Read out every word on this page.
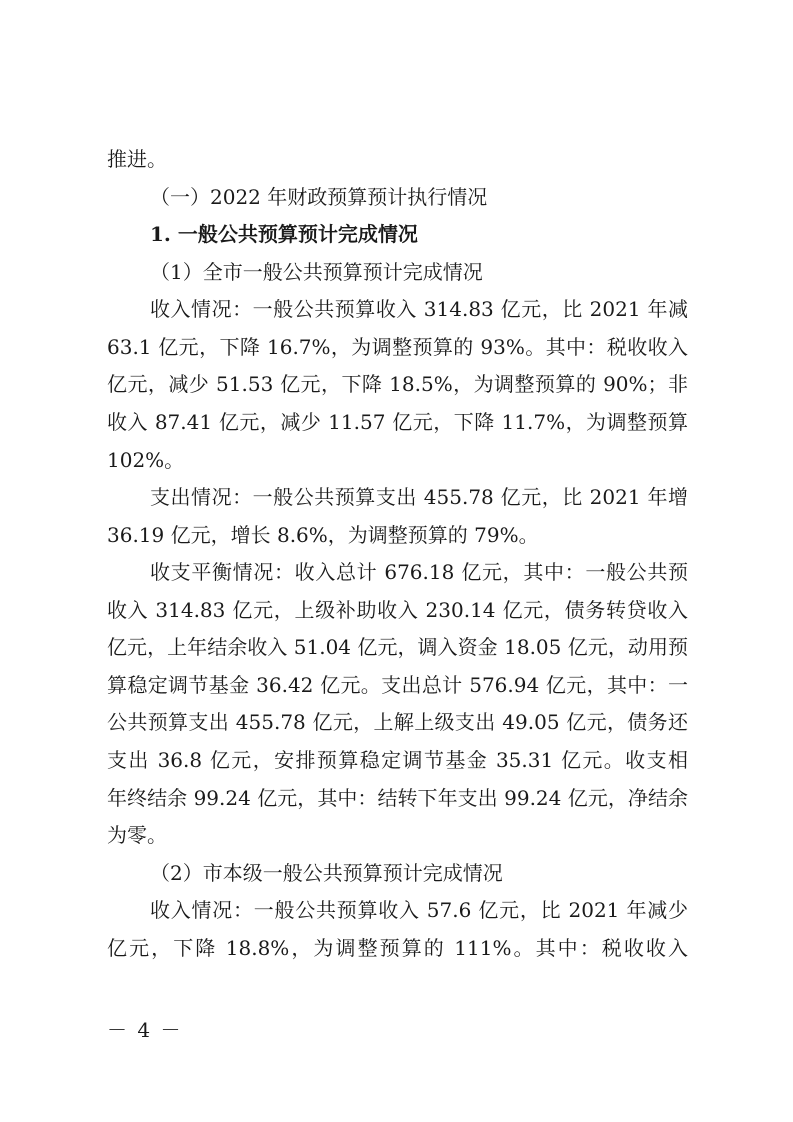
推进。
（一）2022 年财政预算预计执行情况
1. 一般公共预算预计完成情况
（1）全市一般公共预算预计完成情况
收入情况：一般公共预算收入 314.83 亿元，比 2021 年减
63.1 亿元，下降 16.7%，为调整预算的 93%。其中：税收收入
亿元，减少 51.53 亿元，下降 18.5%，为调整预算的 90%；非
收入 87.41 亿元，减少 11.57 亿元，下降 11.7%，为调整预算
102%。
支出情况：一般公共预算支出 455.78 亿元，比 2021 年增
36.19 亿元，增长 8.6%，为调整预算的 79%。
收支平衡情况：收入总计 676.18 亿元，其中：一般公共预
收入 314.83 亿元，上级补助收入 230.14 亿元，债务转贷收入
亿元，上年结余收入 51.04 亿元，调入资金 18.05 亿元，动用预
算稳定调节基金 36.42 亿元。支出总计 576.94 亿元，其中：一
公共预算支出 455.78 亿元，上解上级支出 49.05 亿元，债务还
支出 36.8 亿元，安排预算稳定调节基金 35.31 亿元。收支相
年终结余 99.24 亿元，其中：结转下年支出 99.24 亿元，净结余
为零。
（2）市本级一般公共预算预计完成情况
收入情况：一般公共预算收入 57.6 亿元，比 2021 年减少
亿元，下降 18.8%，为调整预算的 111%。其中：税收收入
－ 4 －
